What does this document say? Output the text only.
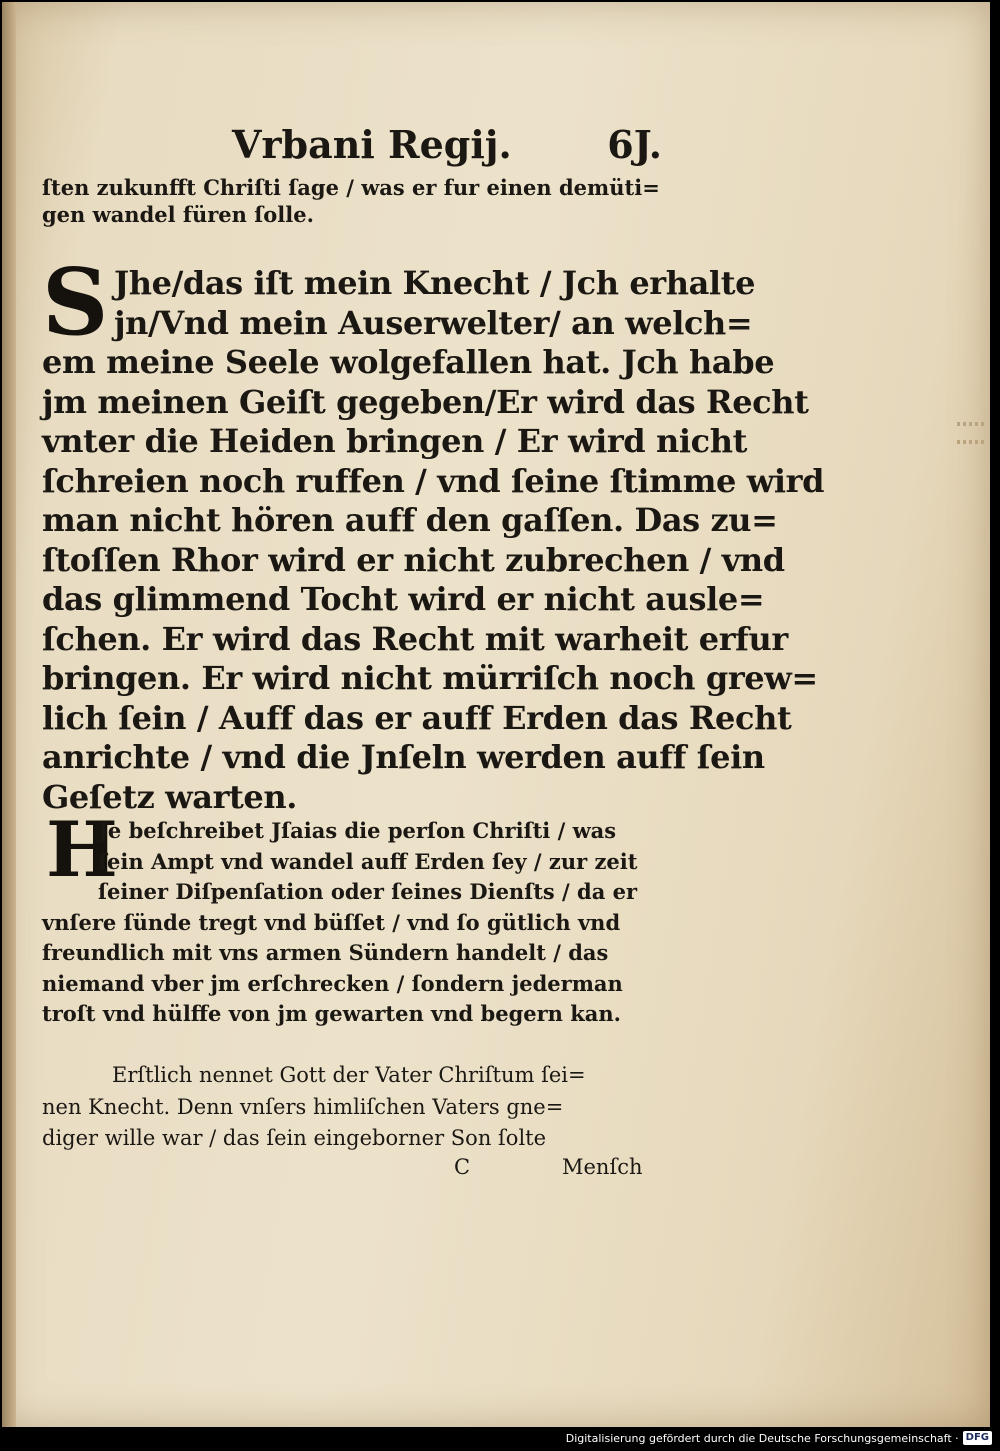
Vrbani Regij.	6J.
ſten zukunfft Chriſti ſage / was er fur einen demüti=
gen wandel füren ſolle.
S Jhe/das iſt mein Knecht / Jch erhalte
jn/Vnd mein Auserwelter/ an welch=
em meine Seele wolgefallen hat. Jch habe
jm meinen Geiſt gegeben/Er wird das Recht
vnter die Heiden bringen / Er wird nicht
ſchreien noch ruffen / vnd ſeine ſtimme wird
man nicht hören auff den gaſſen. Das zu=
ſtoſſen Rhor wird er nicht zubrechen / vnd
das glimmend Tocht wird er nicht ausle=
ſchen. Er wird das Recht mit warheit erfur
bringen. Er wird nicht mürriſch noch grew=
lich ſein / Auff das er auff Erden das Recht
anrichte / vnd die Jnſeln werden auff ſein
Geſetz warten.
H
Je beſchreibet Jſaias die perſon Chriſti / was
ſein Ampt vnd wandel auff Erden ſey / zur zeit
ſeiner Diſpenſation oder ſeines Dienſts / da er
vnſere ſünde tregt vnd büſſet / vnd ſo gütlich vnd
freundlich mit vns armen Sündern handelt / das
niemand vber jm erſchrecken / ſondern jederman
troſt vnd hülffe von jm gewarten vnd begern kan.
Erſtlich nennet Gott der Vater Chriſtum ſei=
nen Knecht. Denn vnſers himliſchen Vaters gne=
diger wille war / das ſein eingeborner Son ſolte
C	Menſch
Digitalisierung gefördert durch die Deutsche Forschungsgemeinschaft · DFG
